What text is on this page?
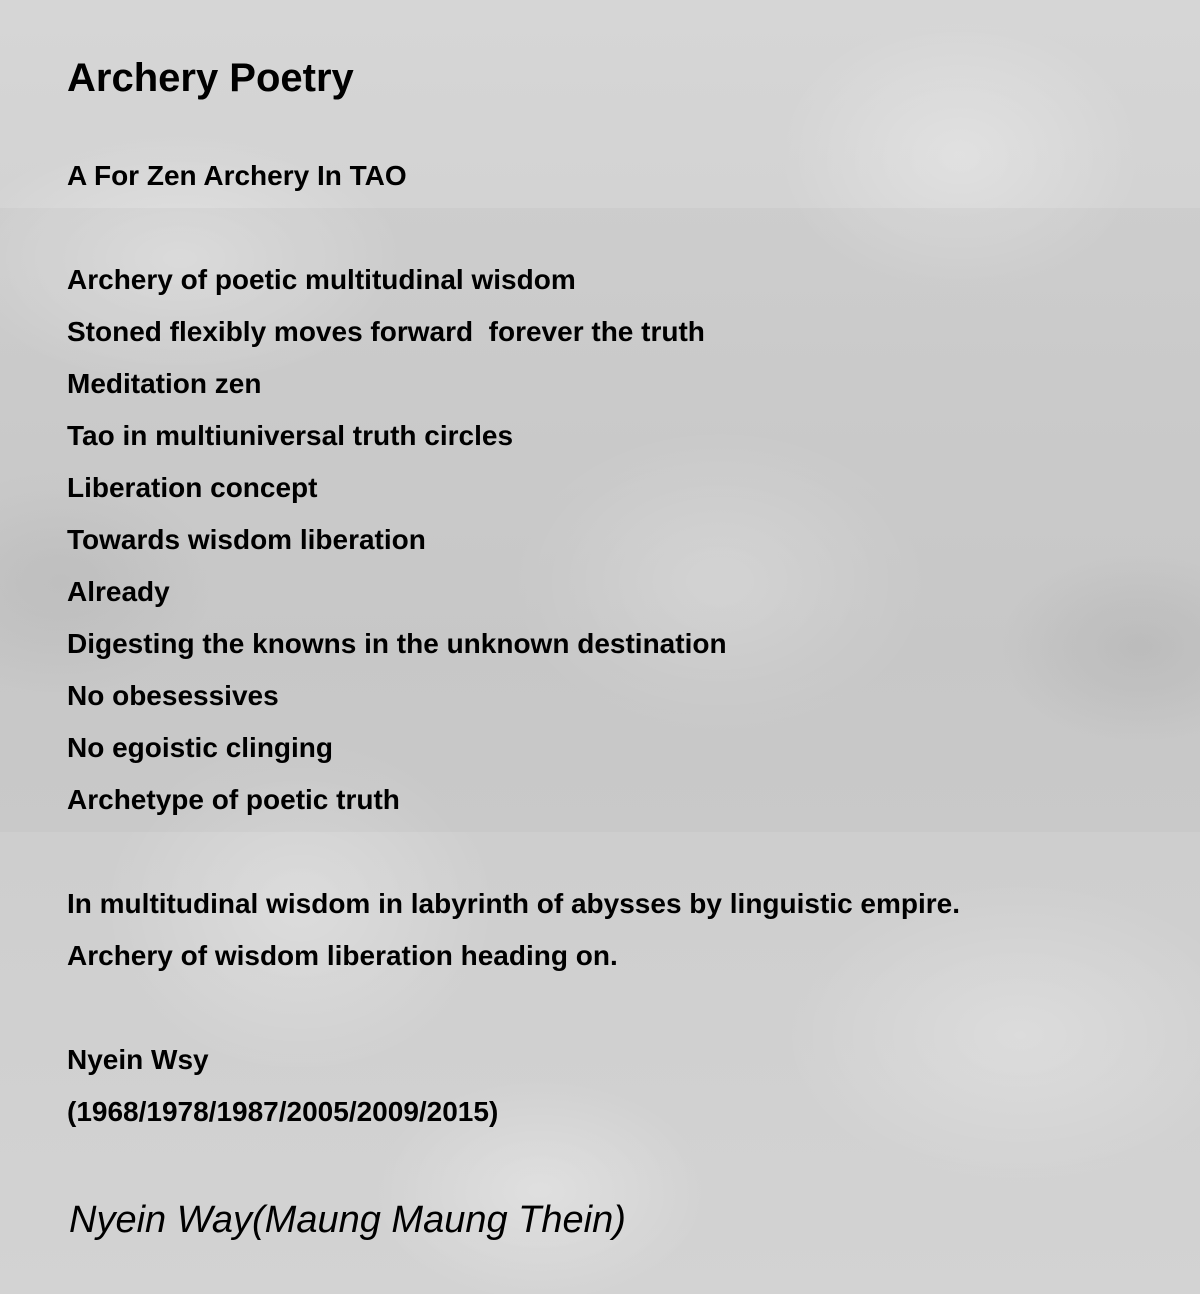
Archery Poetry
A For Zen Archery In TAO
Archery of poetic multitudinal wisdom
Stoned flexibly moves forward  forever the truth
Meditation zen
Tao in multiuniversal truth circles
Liberation concept
Towards wisdom liberation
Already
Digesting the knowns in the unknown destination
No obesessives
No egoistic clinging
Archetype of poetic truth
In multitudinal wisdom in labyrinth of abysses by linguistic empire.
Archery of wisdom liberation heading on.
Nyein Wsy
(1968/1978/1987/2005/2009/2015)

Nyein Way(Maung Maung Thein)
